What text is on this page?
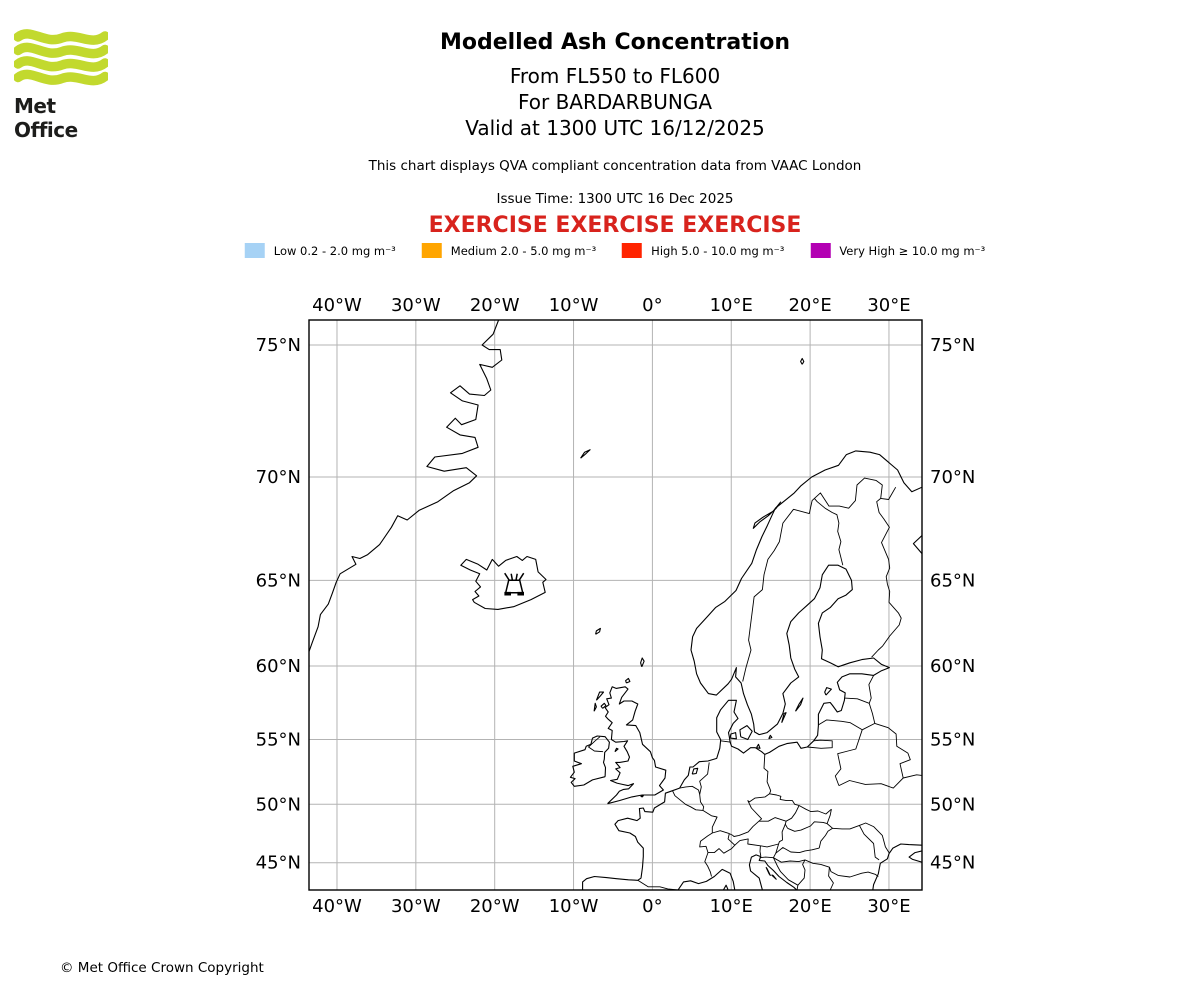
Met Office
Modelled Ash Concentration
From FL550 to FL600
For BARDARBUNGA
Valid at 1300 UTC 16/12/2025
This chart displays QVA compliant concentration data from VAAC London
Issue Time: 1300 UTC 16 Dec 2025
EXERCISE EXERCISE EXERCISE
Low 0.2 - 2.0 mg m⁻³	Medium 2.0 - 5.0 mg m⁻³	High 5.0 - 10.0 mg m⁻³	Very High ≥ 10.0 mg m⁻³
40°W
40°W
30°W
30°W
20°W
20°W
10°W
10°W
0°
0°
10°E
10°E
20°E
20°E
30°E
30°E
45°N	45°N
50°N	50°N
55°N	55°N
60°N	60°N
65°N	65°N
70°N	70°N
75°N	75°N
© Met Office Crown Copyright
